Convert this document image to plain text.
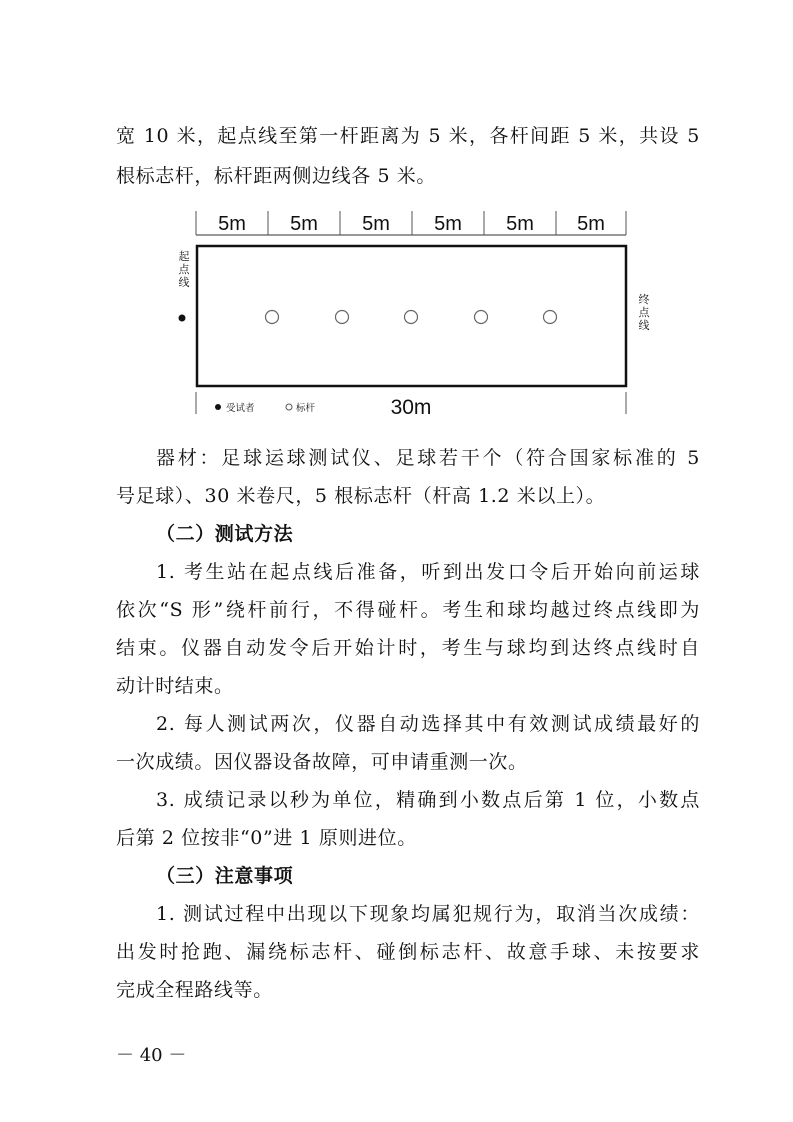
宽 10 米，起点线至第一杆距离为 5 米，各杆间距 5 米，共设 5
根标志杆，标杆距两侧边线各 5 米。
5m 5m 5m 5m 5m 5m
起
点
线
终
点
线
受试者	标杆	30m
器材：足球运球测试仪、足球若干个（符合国家标准的 5
号足球）、30 米卷尺，5 根标志杆（杆高 1.2 米以上）。
（二）测试方法
1. 考生站在起点线后准备，听到出发口令后开始向前运球
依次“S 形”绕杆前行，不得碰杆。考生和球均越过终点线即为
结束。仪器自动发令后开始计时，考生与球均到达终点线时自
动计时结束。
2. 每人测试两次，仪器自动选择其中有效测试成绩最好的
一次成绩。因仪器设备故障，可申请重测一次。
3. 成绩记录以秒为单位，精确到小数点后第 1 位，小数点
后第 2 位按非“0”进 1 原则进位。
（三）注意事项
1. 测试过程中出现以下现象均属犯规行为，取消当次成绩：
出发时抢跑、漏绕标志杆、碰倒标志杆、故意手球、未按要求
完成全程路线等。
－ 40 －
